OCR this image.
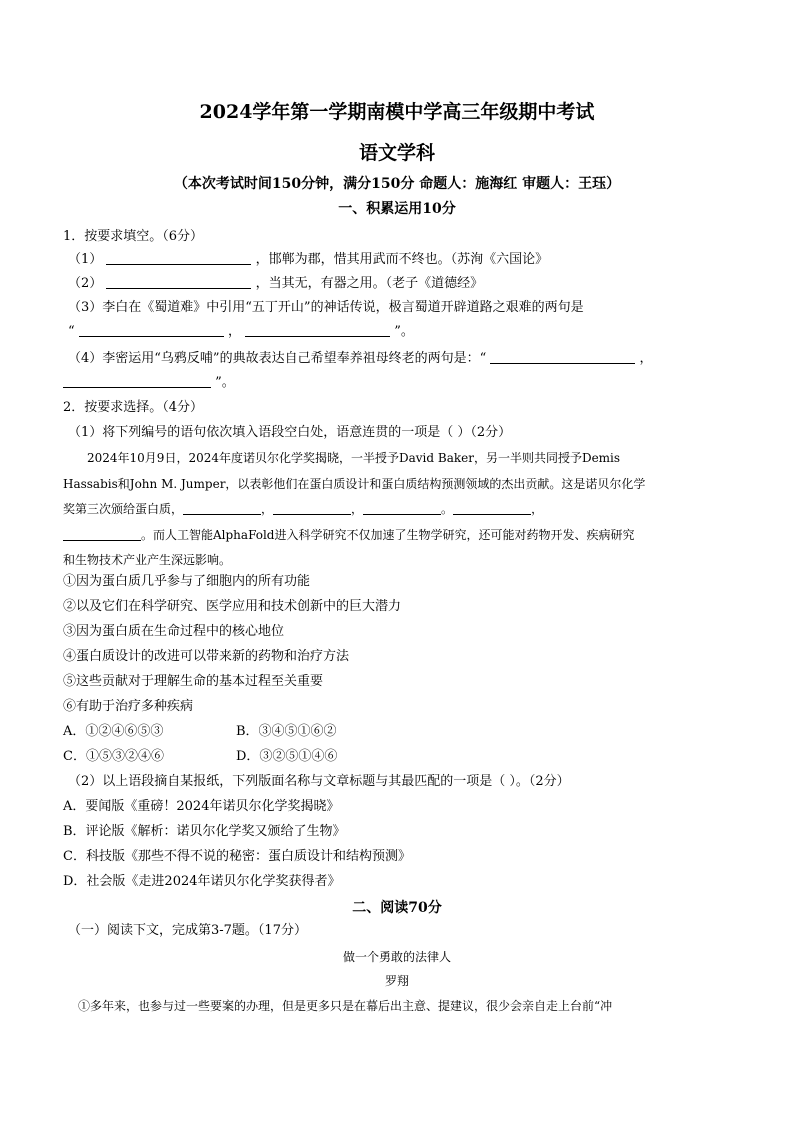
2024学年第一学期南模中学高三年级期中考试
语文学科
（本次考试时间150分钟，满分150分 命题人：施海红 审题人：王珏）
一、积累运用10分
1．按要求填空。（6分）
（1）	，邯郸为郡，惜其用武而不终也。（苏洵《六国论》
（2）	，当其无，有器之用。（老子《道德经》
（3）李白在《蜀道难》中引用“五丁开山”的神话传说，极言蜀道开辟道路之艰难的两句是
“	，	”。
（4）李密运用“乌鸦反哺”的典故表达自己希望奉养祖母终老的两句是：“	，
”。
2．按要求选择。（4分）
（1）将下列编号的语句依次填入语段空白处，语意连贯的一项是（ ）（2分）
2024年10月9日，2024年度诺贝尔化学奖揭晓，一半授予David Baker，另一半则共同授予Demis
Hassabis和John M. Jumper，以表彰他们在蛋白质设计和蛋白质结构预测领域的杰出贡献。这是诺贝尔化学
奖第三次颁给蛋白质，	，	，	。	，
。而人工智能AlphaFold进入科学研究不仅加速了生物学研究，还可能对药物开发、疾病研究
和生物技术产业产生深远影响。
①因为蛋白质几乎参与了细胞内的所有功能
②以及它们在科学研究、医学应用和技术创新中的巨大潜力
③因为蛋白质在生命过程中的核心地位
④蛋白质设计的改进可以带来新的药物和治疗方法
⑤这些贡献对于理解生命的基本过程至关重要
⑥有助于治疗多种疾病
A．①②④⑥⑤③	B．③④⑤①⑥②
C．①⑤③②④⑥	D．③②⑤①④⑥
（2）以上语段摘自某报纸，下列版面名称与文章标题与其最匹配的一项是（ ）。（2分）
A．要闻版《重磅！2024年诺贝尔化学奖揭晓》
B．评论版《解析：诺贝尔化学奖又颁给了生物》
C．科技版《那些不得不说的秘密：蛋白质设计和结构预测》
D．社会版《走进2024年诺贝尔化学奖获得者》
二、阅读70分
（一）阅读下文，完成第3-7题。（17分）
做一个勇敢的法律人
罗翔
①多年来，也参与过一些要案的办理，但是更多只是在幕后出主意、提建议，很少会亲自走上台前“冲
